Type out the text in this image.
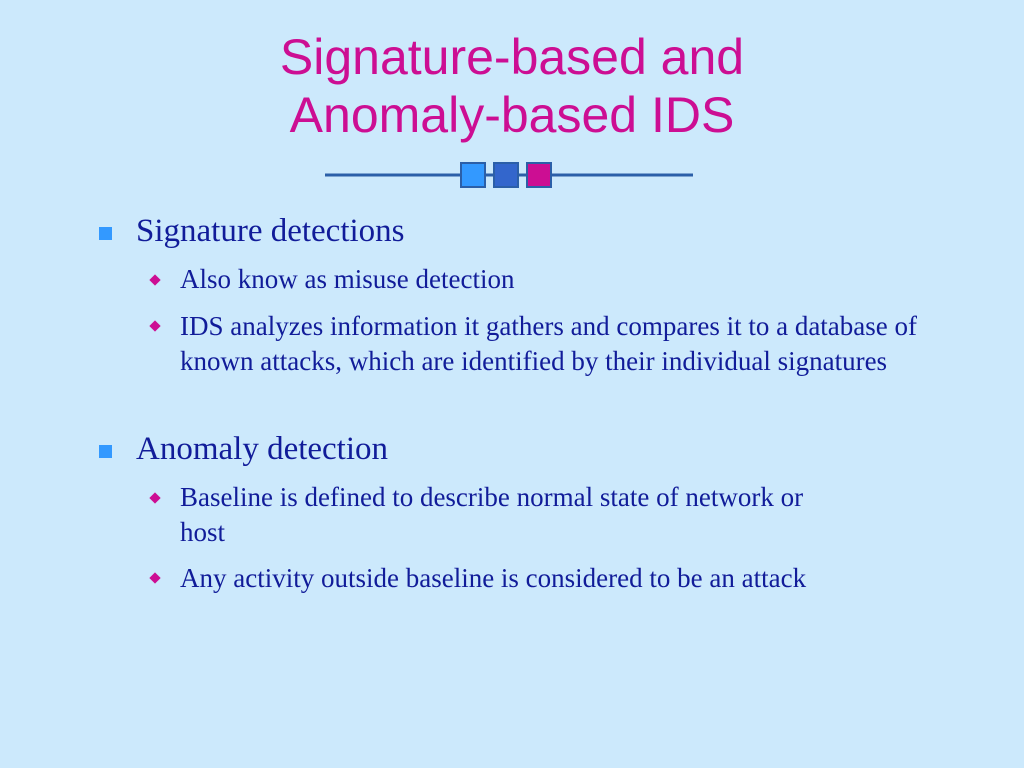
Signature-based and
Anomaly-based IDS
Signature detections
Also know as misuse detection
IDS analyzes information it gathers and compares it to a database of known attacks, which are identified by their individual signatures
Anomaly detection
Baseline is defined to describe normal state of network or host
Any activity outside baseline is considered to be an attack
